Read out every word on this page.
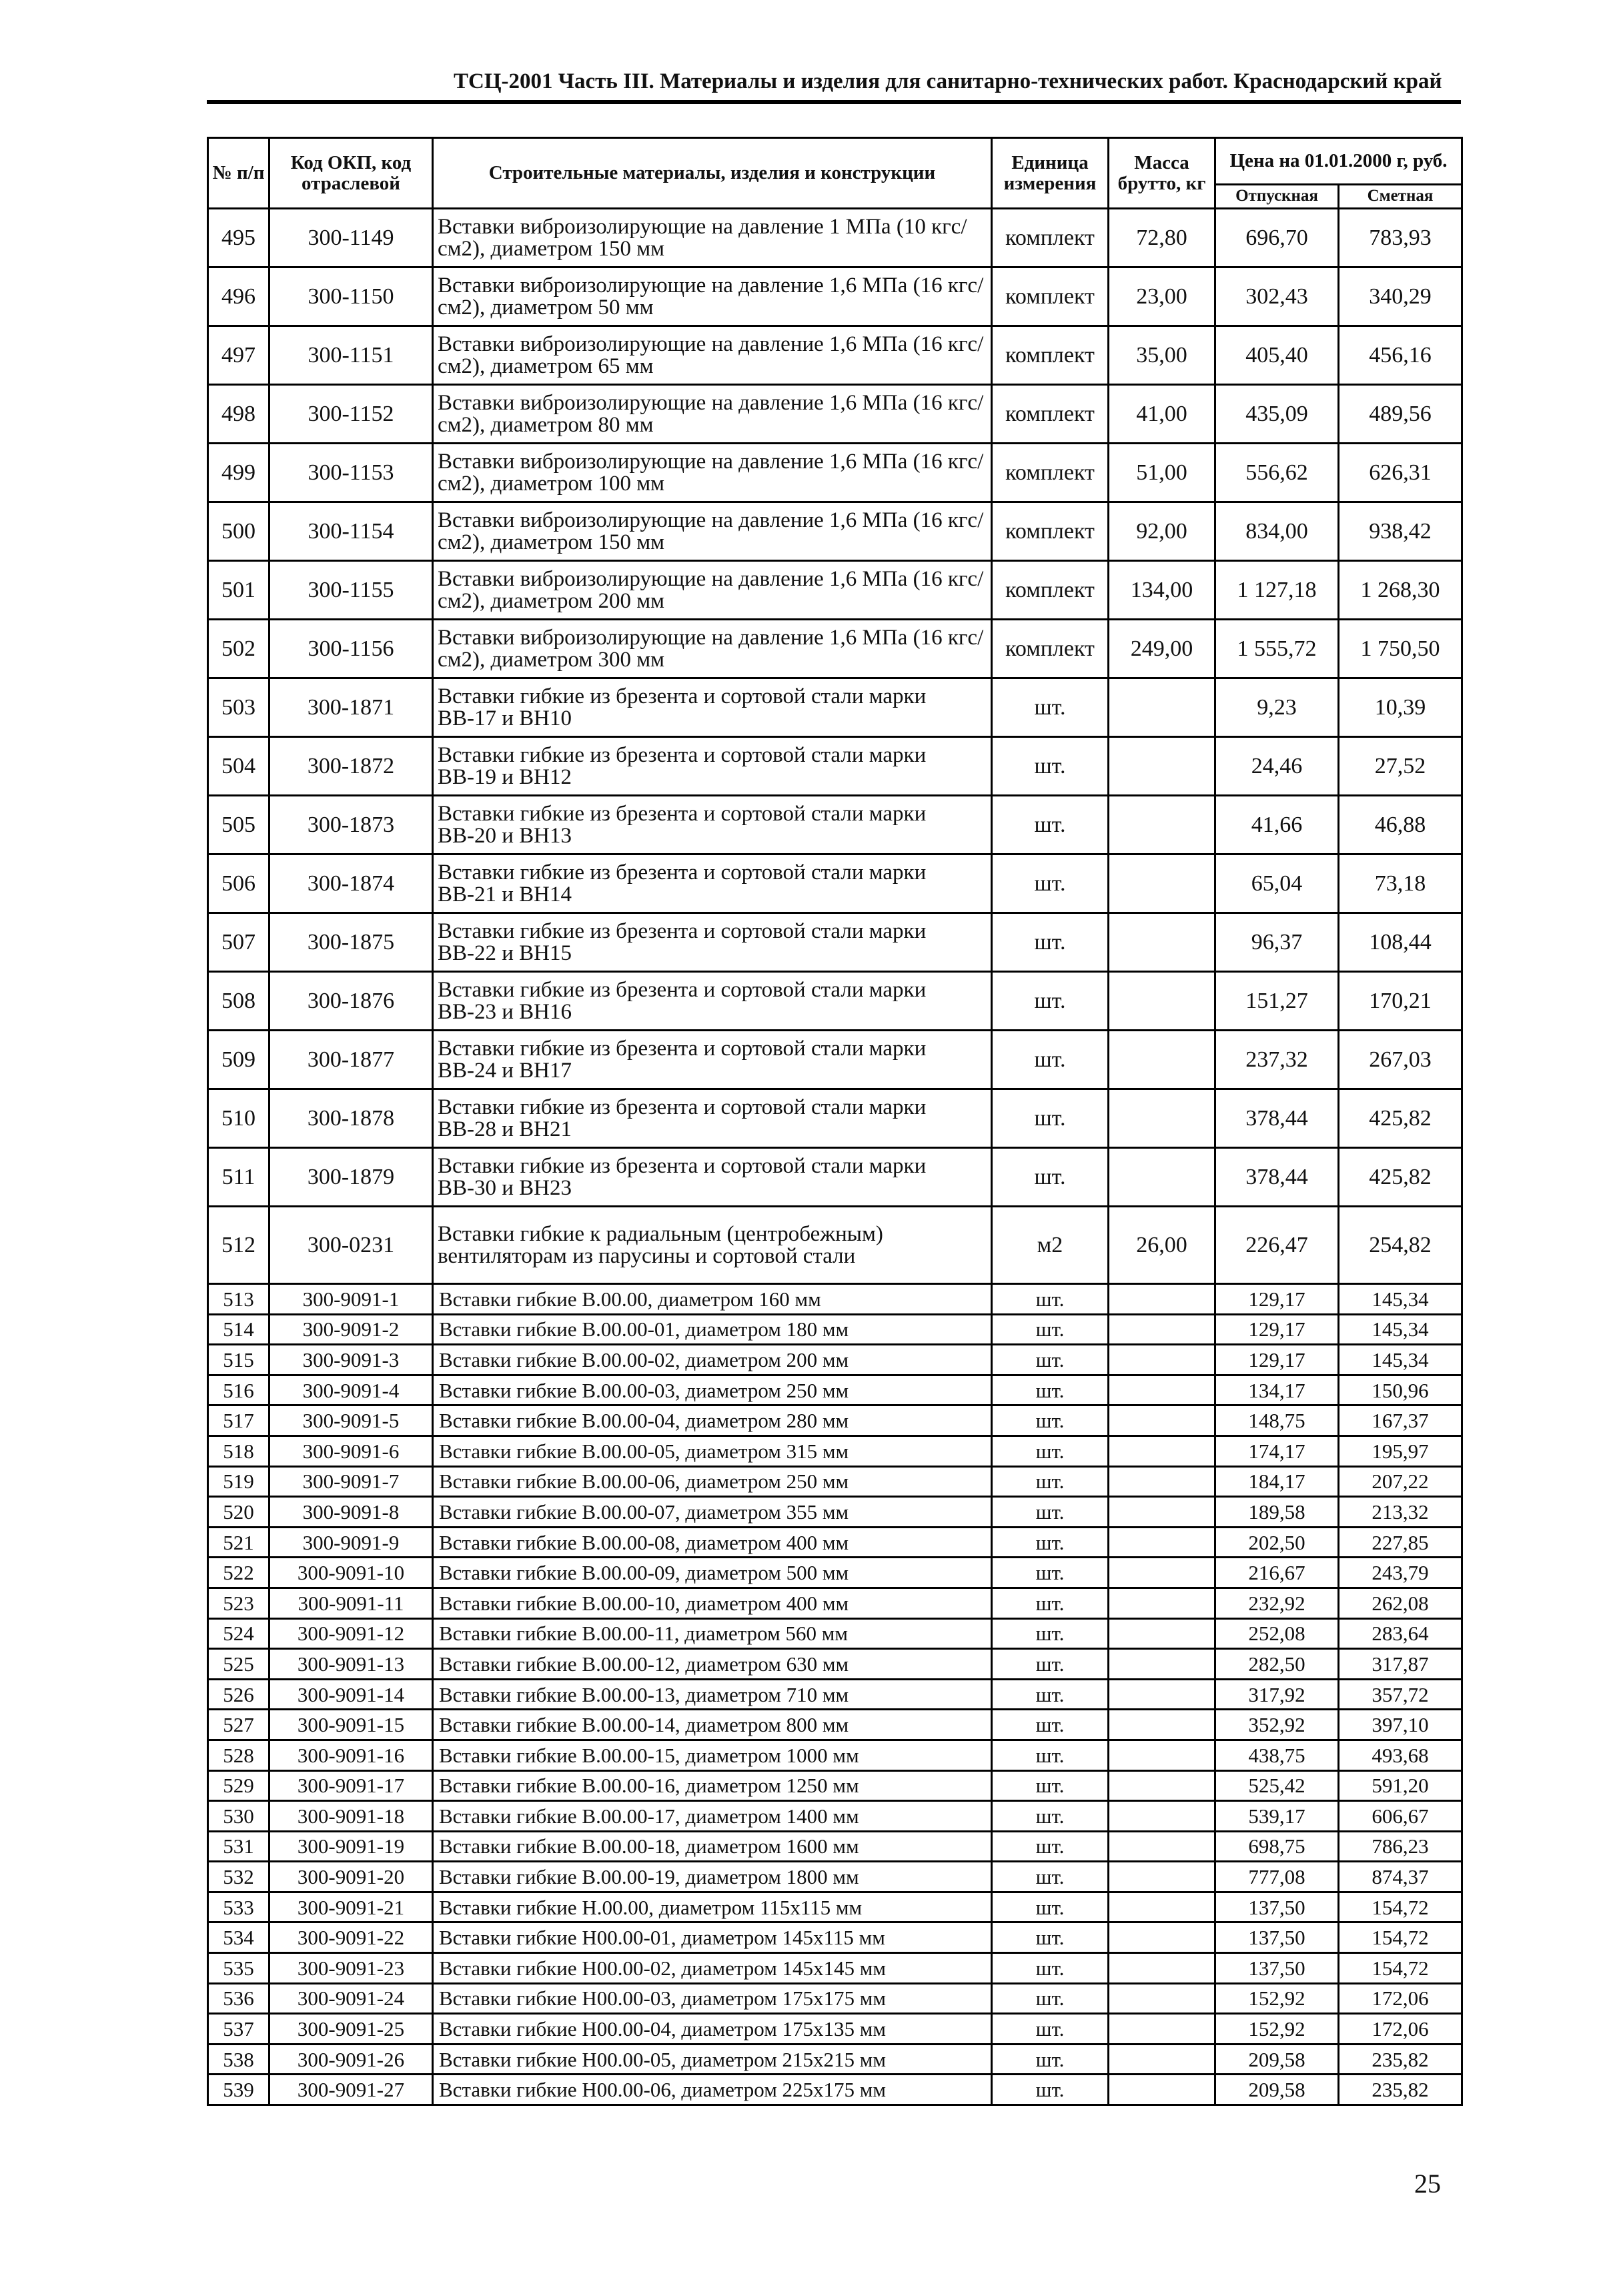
ТСЦ-2001 Часть III. Материалы и изделия для санитарно-технических работ. Краснодарский край
№ п/п	Код ОКП, код отраслевой	Строительные материалы, изделия и конструкции	Единица измерения	Масса брутто, кг	Цена на 01.01.2000 г, руб.	
					Отпускная	Сметная
495	300-1149	Вставки виброизолирующие на давление 1 МПа (10 кгс/см2), диаметром 150 мм	комплект	72,80	696,70	783,93
496	300-1150	Вставки виброизолирующие на давление 1,6 МПа (16 кгс/см2), диаметром 50 мм	комплект	23,00	302,43	340,29
497	300-1151	Вставки виброизолирующие на давление 1,6 МПа (16 кгс/см2), диаметром 65 мм	комплект	35,00	405,40	456,16
498	300-1152	Вставки виброизолирующие на давление 1,6 МПа (16 кгс/см2), диаметром 80 мм	комплект	41,00	435,09	489,56
499	300-1153	Вставки виброизолирующие на давление 1,6 МПа (16 кгс/см2), диаметром 100 мм	комплект	51,00	556,62	626,31
500	300-1154	Вставки виброизолирующие на давление 1,6 МПа (16 кгс/см2), диаметром 150 мм	комплект	92,00	834,00	938,42
501	300-1155	Вставки виброизолирующие на давление 1,6 МПа (16 кгс/см2), диаметром 200 мм	комплект	134,00	1 127,18	1 268,30
502	300-1156	Вставки виброизолирующие на давление 1,6 МПа (16 кгс/см2), диаметром 300 мм	комплект	249,00	1 555,72	1 750,50
503	300-1871	Вставки гибкие из брезента и сортовой стали марки ВВ-17 и ВН10	шт.		9,23	10,39
504	300-1872	Вставки гибкие из брезента и сортовой стали марки ВВ-19 и ВН12	шт.		24,46	27,52
505	300-1873	Вставки гибкие из брезента и сортовой стали марки ВВ-20 и ВН13	шт.		41,66	46,88
506	300-1874	Вставки гибкие из брезента и сортовой стали марки ВВ-21 и ВН14	шт.		65,04	73,18
507	300-1875	Вставки гибкие из брезента и сортовой стали марки ВВ-22 и ВН15	шт.		96,37	108,44
508	300-1876	Вставки гибкие из брезента и сортовой стали марки ВВ-23 и ВН16	шт.		151,27	170,21
509	300-1877	Вставки гибкие из брезента и сортовой стали марки ВВ-24 и ВН17	шт.		237,32	267,03
510	300-1878	Вставки гибкие из брезента и сортовой стали марки ВВ-28 и ВН21	шт.		378,44	425,82
511	300-1879	Вставки гибкие из брезента и сортовой стали марки ВВ-30 и ВН23	шт.		378,44	425,82
512	300-0231	Вставки гибкие к радиальным (центробежным) вентиляторам из парусины и сортовой стали	м2	26,00	226,47	254,82
513	300-9091-1	Вставки гибкие В.00.00, диаметром 160 мм	шт.		129,17	145,34
514	300-9091-2	Вставки гибкие В.00.00-01, диаметром 180 мм	шт.		129,17	145,34
515	300-9091-3	Вставки гибкие В.00.00-02, диаметром 200 мм	шт.		129,17	145,34
516	300-9091-4	Вставки гибкие В.00.00-03, диаметром 250 мм	шт.		134,17	150,96
517	300-9091-5	Вставки гибкие В.00.00-04, диаметром 280 мм	шт.		148,75	167,37
518	300-9091-6	Вставки гибкие В.00.00-05, диаметром 315 мм	шт.		174,17	195,97
519	300-9091-7	Вставки гибкие В.00.00-06, диаметром 250 мм	шт.		184,17	207,22
520	300-9091-8	Вставки гибкие В.00.00-07, диаметром 355 мм	шт.		189,58	213,32
521	300-9091-9	Вставки гибкие В.00.00-08, диаметром 400 мм	шт.		202,50	227,85
522	300-9091-10	Вставки гибкие В.00.00-09, диаметром 500 мм	шт.		216,67	243,79
523	300-9091-11	Вставки гибкие В.00.00-10, диаметром 400 мм	шт.		232,92	262,08
524	300-9091-12	Вставки гибкие В.00.00-11, диаметром 560 мм	шт.		252,08	283,64
525	300-9091-13	Вставки гибкие В.00.00-12, диаметром 630 мм	шт.		282,50	317,87
526	300-9091-14	Вставки гибкие В.00.00-13, диаметром 710 мм	шт.		317,92	357,72
527	300-9091-15	Вставки гибкие В.00.00-14, диаметром 800 мм	шт.		352,92	397,10
528	300-9091-16	Вставки гибкие В.00.00-15, диаметром 1000 мм	шт.		438,75	493,68
529	300-9091-17	Вставки гибкие В.00.00-16, диаметром 1250 мм	шт.		525,42	591,20
530	300-9091-18	Вставки гибкие В.00.00-17, диаметром 1400 мм	шт.		539,17	606,67
531	300-9091-19	Вставки гибкие В.00.00-18, диаметром 1600 мм	шт.		698,75	786,23
532	300-9091-20	Вставки гибкие В.00.00-19, диаметром 1800 мм	шт.		777,08	874,37
533	300-9091-21	Вставки гибкие Н.00.00, диаметром 115x115 мм	шт.		137,50	154,72
534	300-9091-22	Вставки гибкие Н00.00-01, диаметром 145x115 мм	шт.		137,50	154,72
535	300-9091-23	Вставки гибкие Н00.00-02, диаметром 145x145 мм	шт.		137,50	154,72
536	300-9091-24	Вставки гибкие Н00.00-03, диаметром 175x175 мм	шт.		152,92	172,06
537	300-9091-25	Вставки гибкие Н00.00-04, диаметром 175x135 мм	шт.		152,92	172,06
538	300-9091-26	Вставки гибкие Н00.00-05, диаметром 215x215 мм	шт.		209,58	235,82
539	300-9091-27	Вставки гибкие Н00.00-06, диаметром 225x175 мм	шт.		209,58	235,82
25
